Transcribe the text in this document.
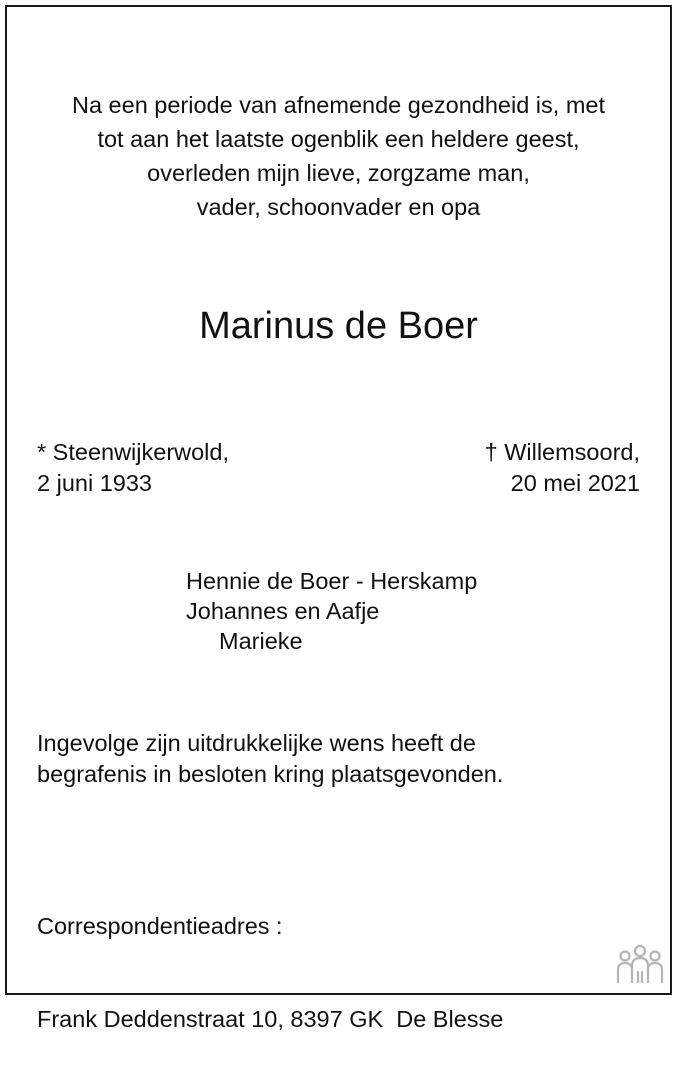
Na een periode van afnemende gezondheid is, met
tot aan het laatste ogenblik een heldere geest,
overleden mijn lieve, zorgzame man,
vader, schoonvader en opa
Marinus de Boer
* Steenwijkerwold,
2 juni 1933
† Willemsoord,
20 mei 2021
Hennie de Boer - Herskamp
Johannes en Aafje
Marieke
Ingevolge zijn uitdrukkelijke wens heeft de
begrafenis in besloten kring plaatsgevonden.

Correspondentieadres :

Frank Deddenstraat 10, 8397 GK  De Blesse
